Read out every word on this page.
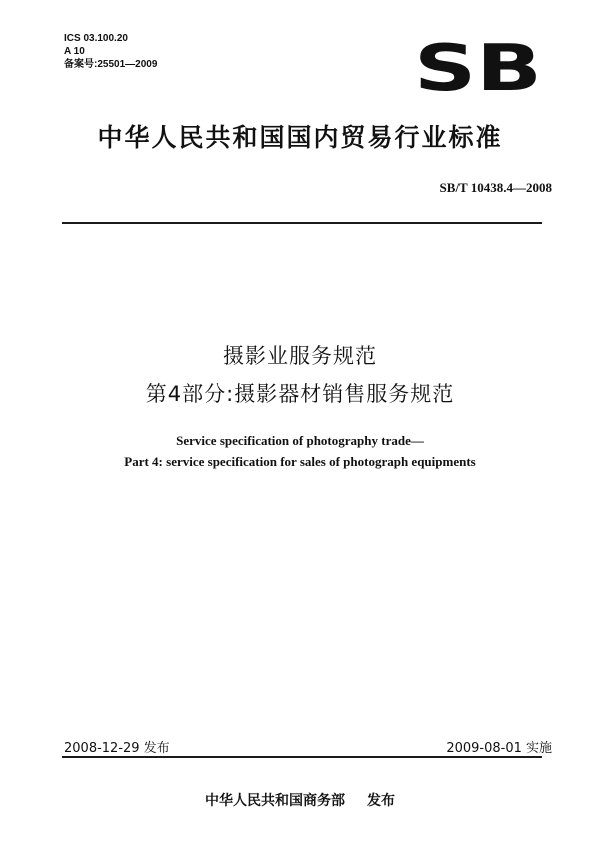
ICS 03.100.20
A 10
备案号:25501—2009	SB
中华人民共和国国内贸易行业标准
SB/T 10438.4—2008
摄影业服务规范
第4部分:摄影器材销售服务规范
Service specification of photography trade—
Part 4: service specification for sales of photograph equipments
2008-12-29 发布	2009-08-01 实施
中华人民共和国商务部 发布
